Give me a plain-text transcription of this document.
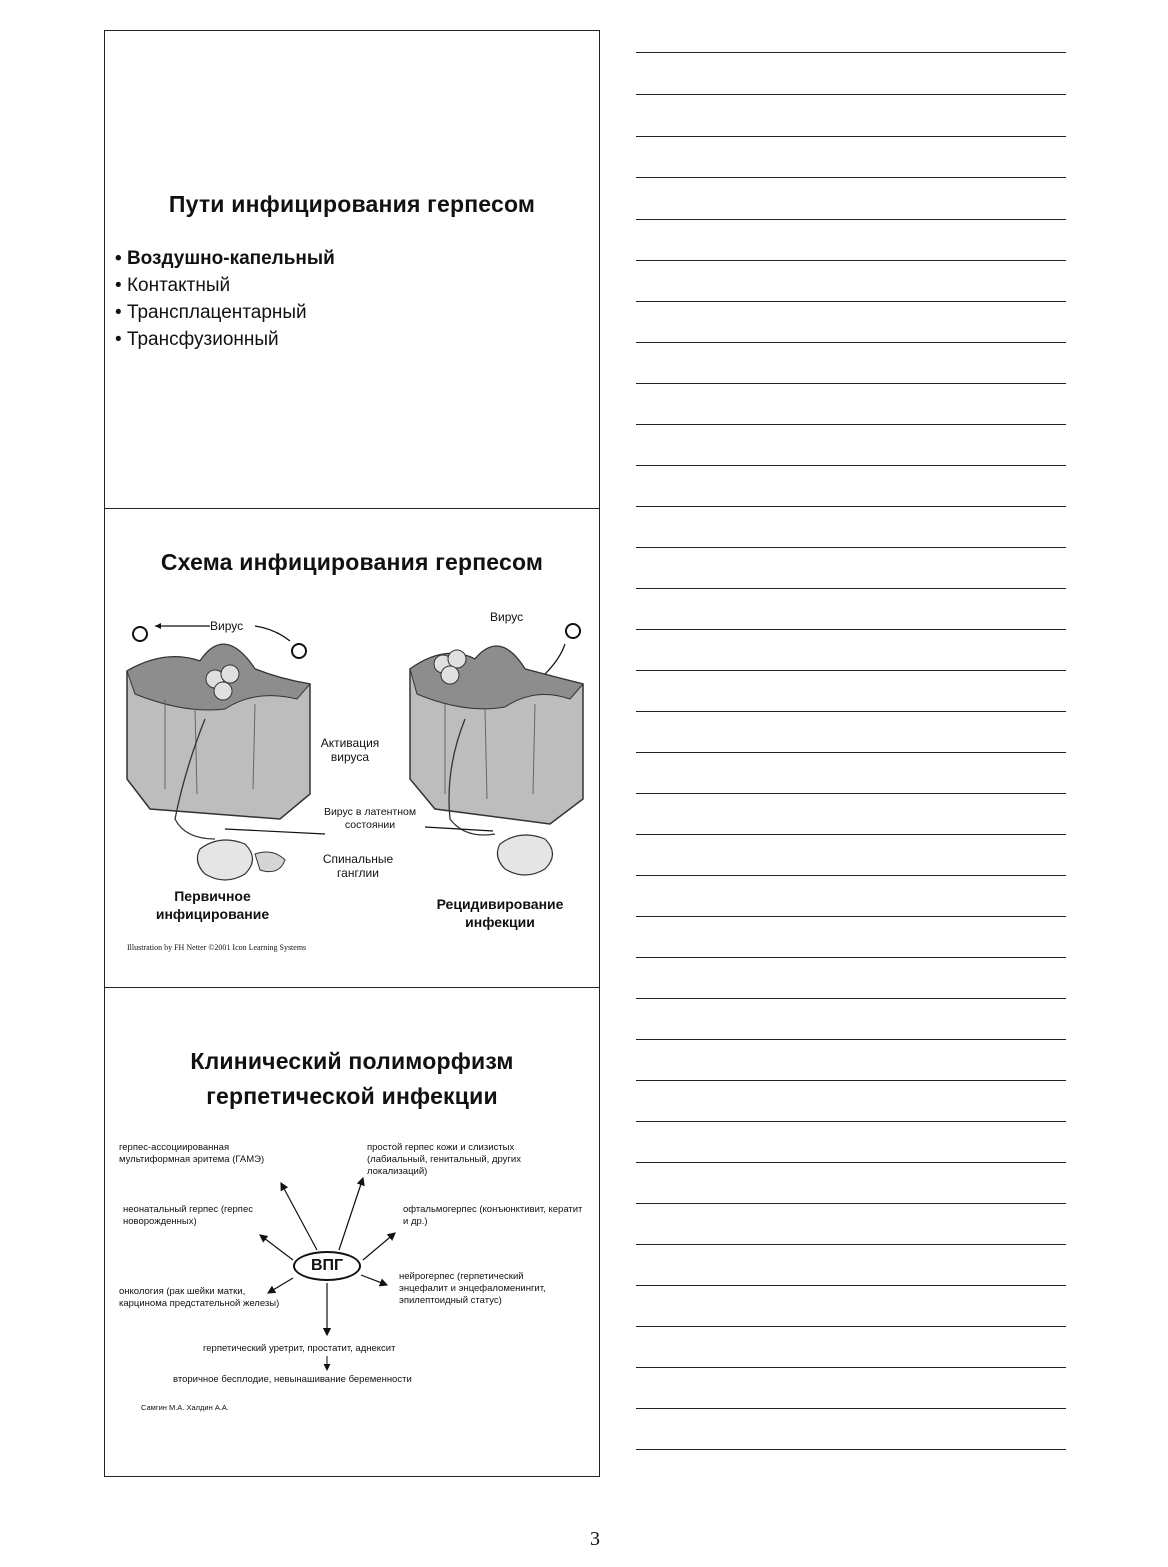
Пути инфицирования герпесом
• Воздушно-капельный
• Контактный
• Трансплацентарный
• Трансфузионный
Схема инфицирования герпесом
Вирус
Вирус
Активация вируса
Вирус в латентном состоянии
Спинальные ганглии
Первичное инфицирование
Рецидивирование инфекции
Illustration by FH Netter ©2001 Icon Learning Systems
Клинический полиморфизм
герпетической инфекции
ВПГ
герпес-ассоциированная мультиформная эритема (ГАМЭ)
простой герпес кожи и слизистых (лабиальный, генитальный, других локализаций)
неонатальный герпес (герпес новорожденных)
офтальмогерпес (конъюнктивит, кератит и др.)
онкология (рак шейки матки, карцинома предстательной железы)
нейрогерпес (герпетический энцефалит и энцефаломенингит, эпилептоидный статус)
герпетический уретрит, простатит, аднексит
вторичное бесплодие, невынашивание беременности
Самгин М.А. Халдин А.А.
3
